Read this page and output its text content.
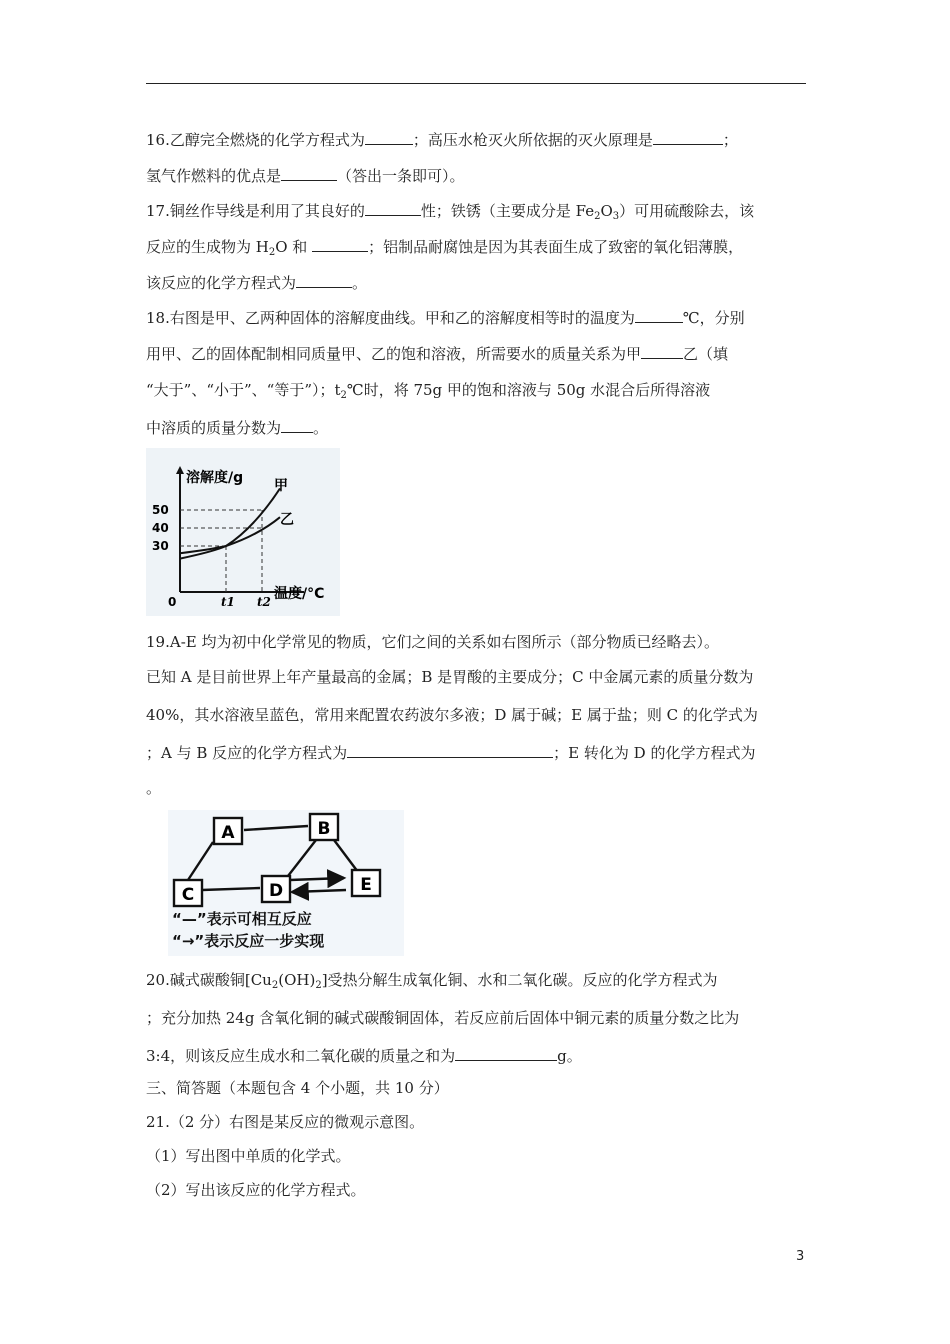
16.乙醇完全燃烧的化学方程式为	；高压水枪灭火所依据的灭火原理是	；
氢气作燃料的优点是	（答出一条即可）。
17.铜丝作导线是利用了其良好的	性；铁锈（主要成分是 $Fe_2O_3$）可用硫酸除去，该
反应的生成物为 $H_2O$ 和	；铝制品耐腐蚀是因为其表面生成了致密的氧化铝薄膜，
该反应的化学方程式为	。
18.右图是甲、乙两种固体的溶解度曲线。甲和乙的溶解度相等时的温度为	℃，分别
用甲、乙的固体配制相同质量甲、乙的饱和溶液，所需要水的质量关系为甲	乙（填
“大于”、“小于”、“等于”）；$t_2℃$时，将 75g 甲的饱和溶液与 50g 水混合后所得溶液
中溶质的质量分数为 。
溶解度/g
温度/°C
0
50
40
30
t1 t2
甲
乙
19.A-E 均为初中化学常见的物质，它们之间的关系如右图所示（部分物质已经略去）。
已知 A 是目前世界上年产量最高的金属；B 是胃酸的主要成分；C 中金属元素的质量分数为
40%，其水溶液呈蓝色，常用来配置农药波尔多液；D 属于碱；E 属于盐；则 C 的化学式为
；A 与 B 反应的化学方程式为	；E 转化为 D 的化学方程式为
。
A	B
C	D	E
“—”表示可相互反应
“→”表示反应一步实现
20.碱式碳酸铜$[Cu_2(OH)_2]$受热分解生成氧化铜、水和二氧化碳。反应的化学方程式为
；充分加热 24g 含氧化铜的碱式碳酸铜固体，若反应前后固体中铜元素的质量分数之比为
3:4，则该反应生成水和二氧化碳的质量之和为	g。
三、简答题（本题包含 4 个小题，共 10 分）
21.（2 分）右图是某反应的微观示意图。
（1）写出图中单质的化学式。
（2）写出该反应的化学方程式。
3
